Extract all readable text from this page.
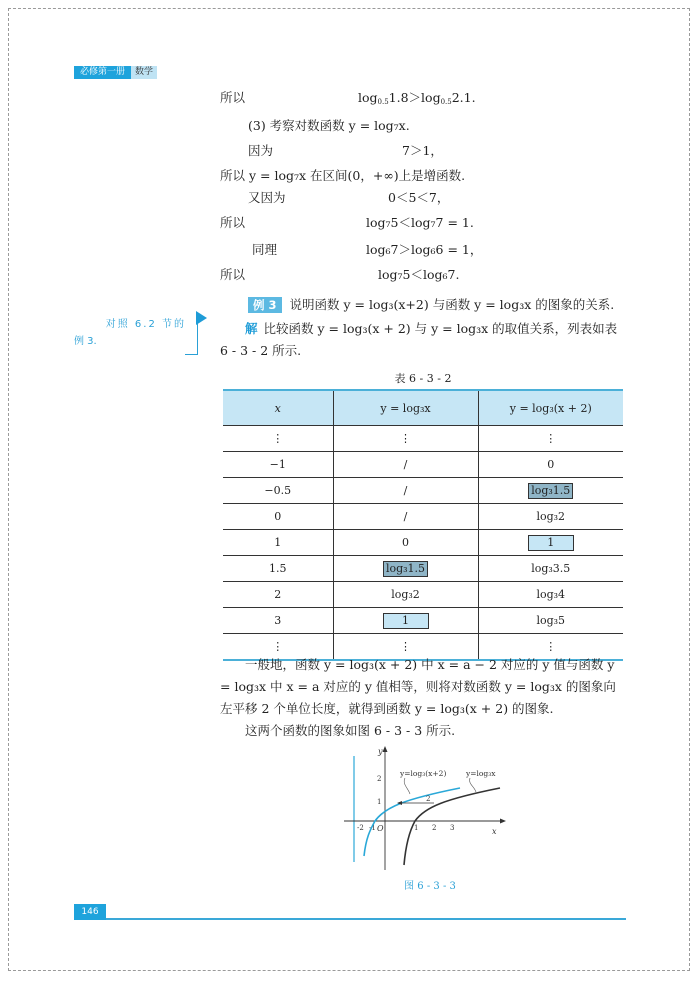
必修第一册	数学
所以	$\log_{0.5}1.8>\log_{0.5}2.1$.
(3) 考察对数函数 y = log₇x.
因为	7＞1，
所以 y = log₇x 在区间(0，+∞)上是增函数.
又因为	0＜5＜7，
所以	log₇5＜log₇7 = 1.
同理	log₆7＞log₆6 = 1，
所以	log₇5＜log₆7.
例 3 说明函数 y = log₃(x+2) 与函数 y = log₃x 的图象的关系.

解 比较函数 y = log₃(x + 2) 与 y = log₃x 的取值关系，列表如表 6 - 3 - 2 所示.

对照 6.2 节的
例 3.
表 6 - 3 - 2
x	y = log₃x	y = log₃(x + 2)
⋮	⋮	⋮
−1	/	0
−0.5	/	log₃1.5
0	/	log₃2
1	0	1
1.5	log₃1.5	log₃3.5
2	log₃2	log₃4
3	1	log₃5
⋮	⋮	⋮

一般地，函数 y = log₃(x + 2) 中 x = a − 2 对应的 y 值与函数 y = log₃x 中 x = a 对应的 y 值相等，则将对数函数 y = log₃x 的图象向左平移 2 个单位长度，就得到函数 y = log₃(x + 2) 的图象.

这两个函数的图象如图 6 - 3 - 3 所示.

-2 -1 O	1 2 3	x
y
1
2
2
y=log₃(x+2)	y=log₃x
图 6 - 3 - 3
146
